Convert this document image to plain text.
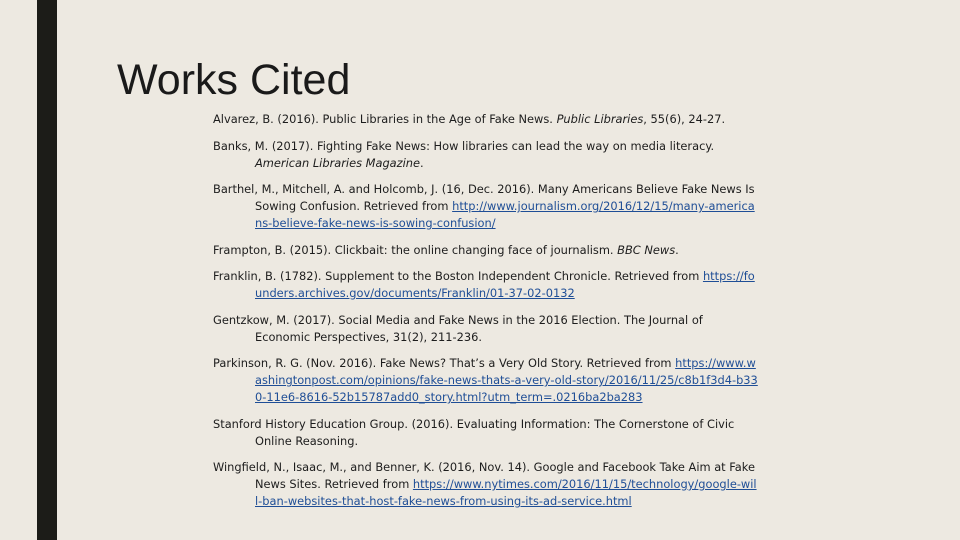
Works Cited

Alvarez, B. (2016). Public Libraries in the Age of Fake News. Public Libraries, 55(6), 24-27.

Banks, M. (2017). Fighting Fake News: How libraries can lead the way on media literacy. American Libraries Magazine.

Barthel, M., Mitchell, A. and Holcomb, J. (16, Dec. 2016). Many Americans Believe Fake News Is Sowing Confusion. Retrieved from http://www.journalism.org/2016/12/15/many-americans-believe-fake-news-is-sowing-confusion/

Frampton, B. (2015). Clickbait: the online changing face of journalism. BBC News.

Franklin, B. (1782). Supplement to the Boston Independent Chronicle. Retrieved from https://founders.archives.gov/documents/Franklin/01-37-02-0132

Gentzkow, M. (2017). Social Media and Fake News in the 2016 Election. The Journal of Economic Perspectives, 31(2), 211-236.

Parkinson, R. G. (Nov. 2016). Fake News? That’s a Very Old Story. Retrieved from https://www.washingtonpost.com/opinions/fake-news-thats-a-very-old-story/2016/11/25/c8b1f3d4-b330-11e6-8616-52b15787add0_story.html?utm_term=.0216ba2ba283

Stanford History Education Group. (2016). Evaluating Information: The Cornerstone of Civic Online Reasoning.

Wingfield, N., Isaac, M., and Benner, K. (2016, Nov. 14). Google and Facebook Take Aim at Fake News Sites. Retrieved from https://www.nytimes.com/2016/11/15/technology/google-will-ban-websites-that-host-fake-news-from-using-its-ad-service.html
